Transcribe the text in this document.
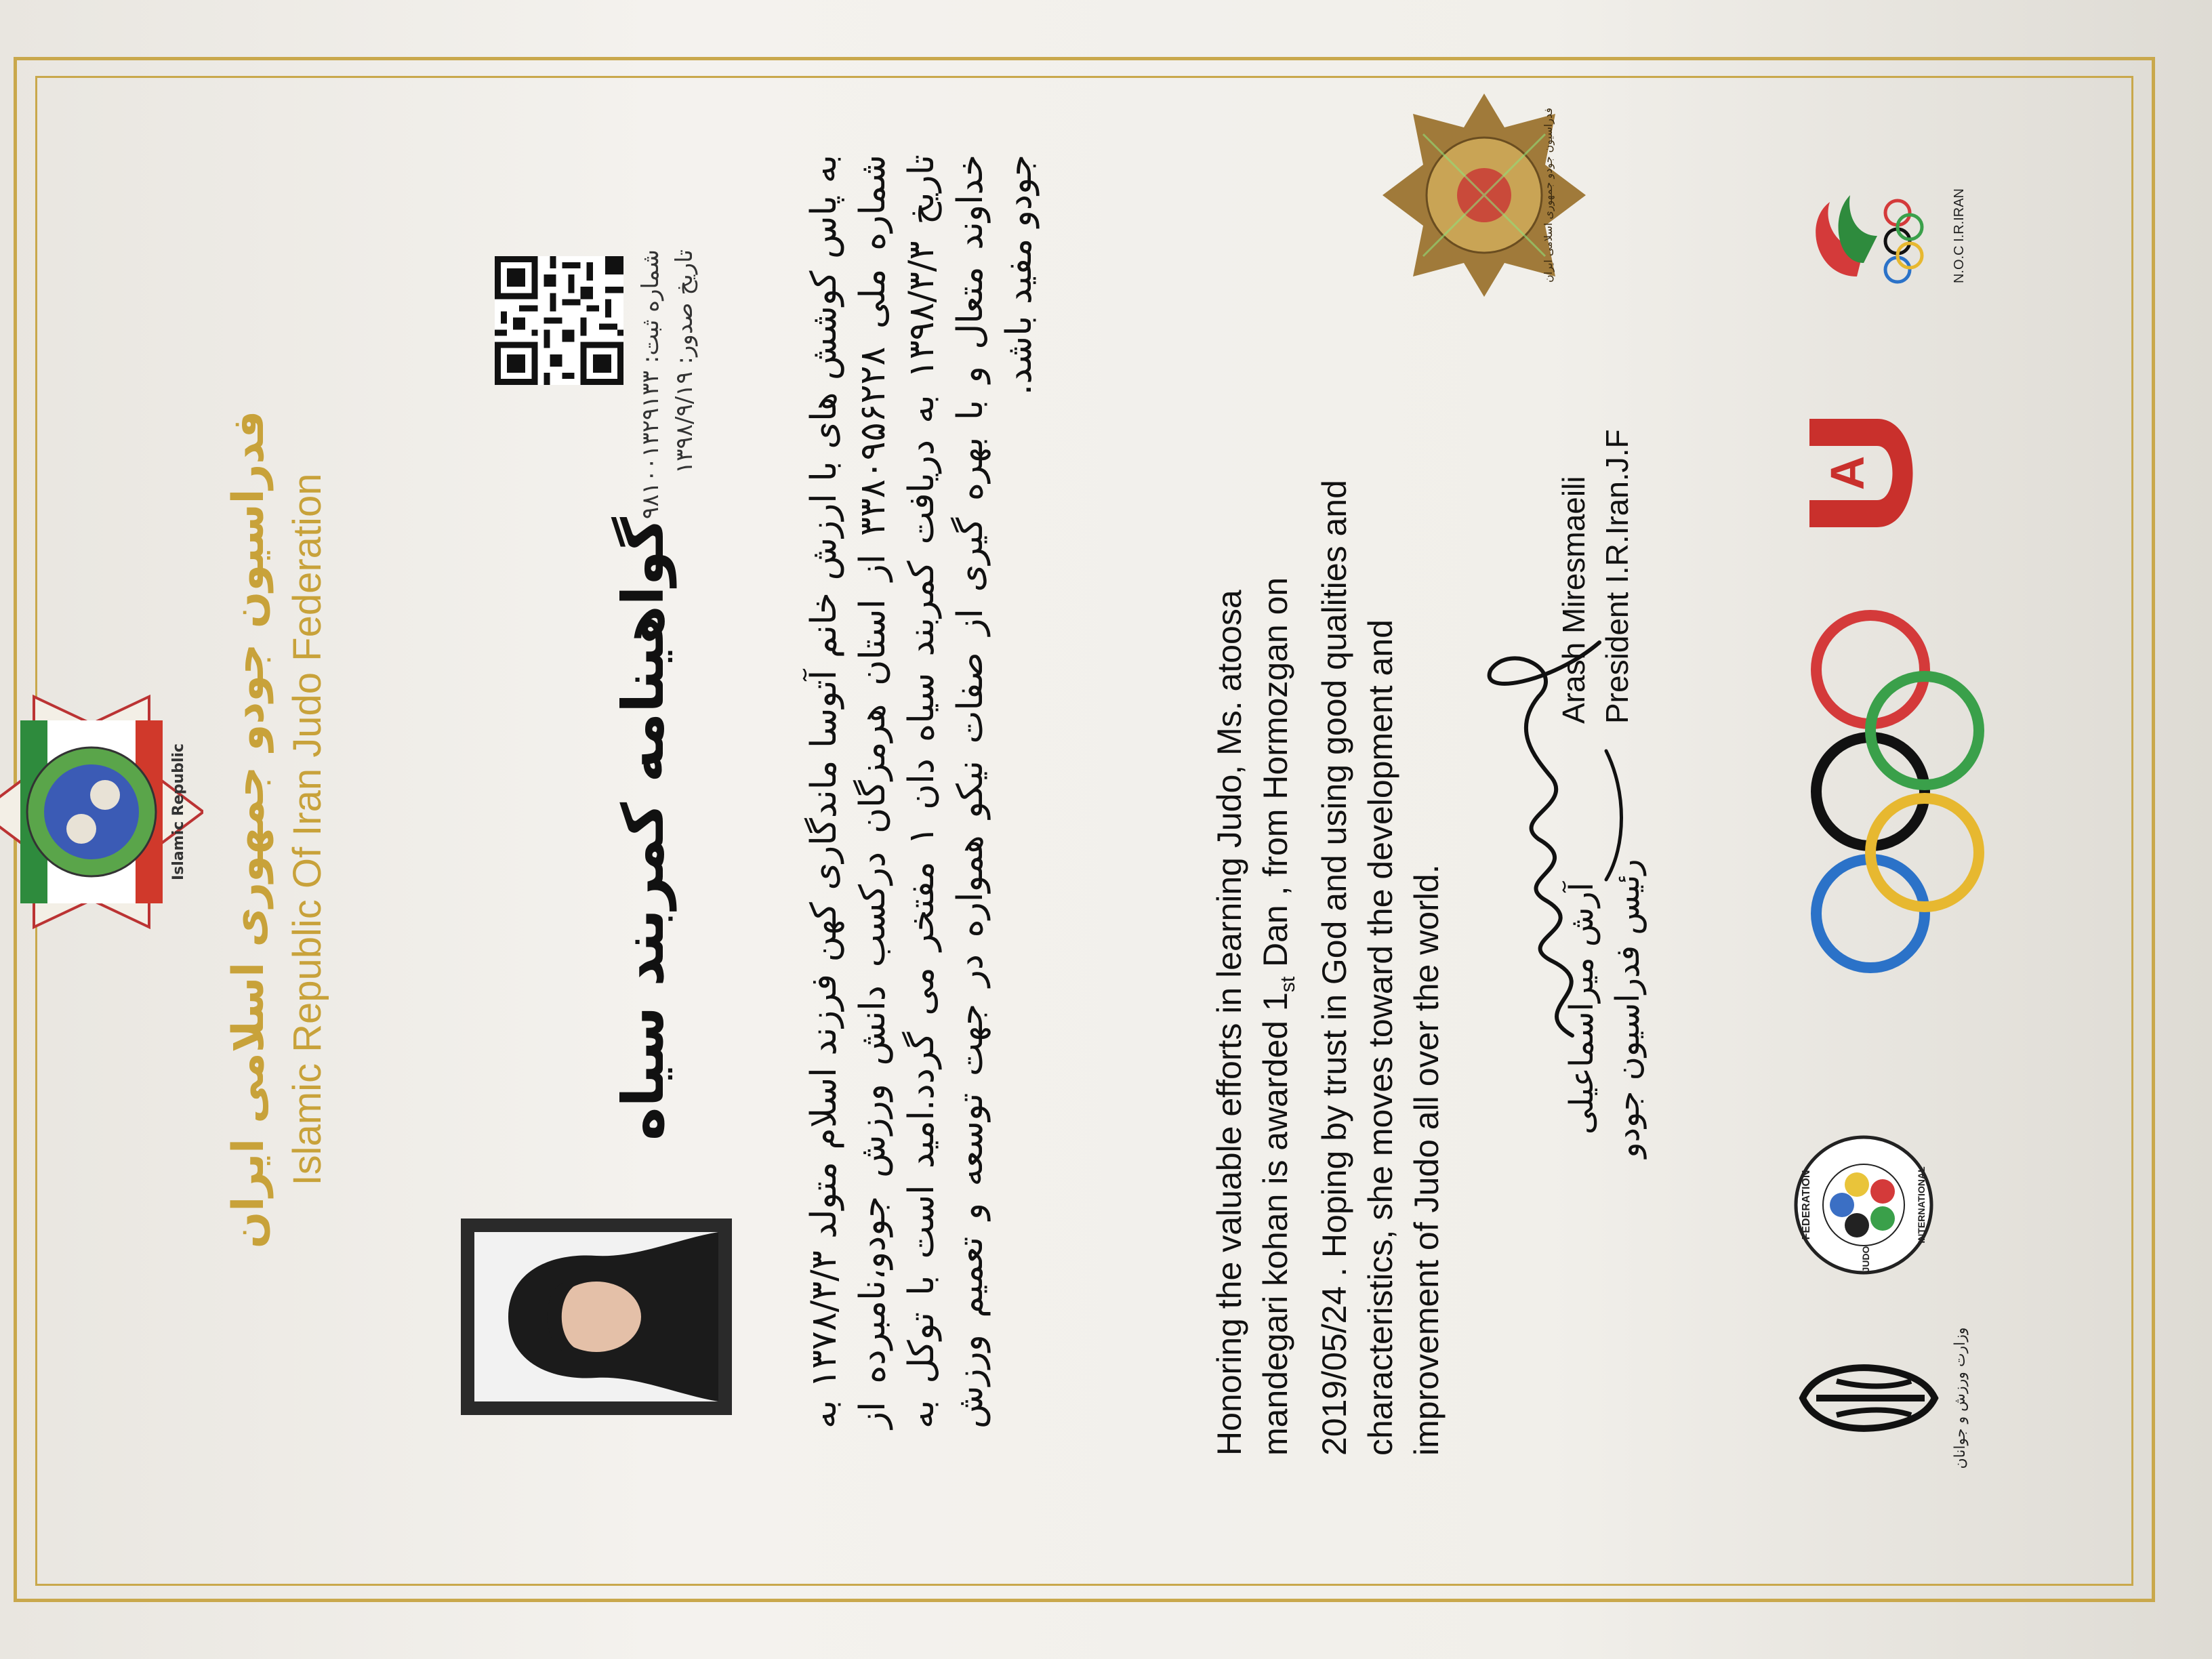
Islamic Republic فدراسیون جودو جمهوری اسلامی ایران Islamic Republic Of Iran Judo Federation
شماره ثبت: ۹۸۱۰۰۱۳۲۹۱۳۳
تاریخ صدور: ۱۳۹۸/۹/۱۹
گواهینامه کمربند سیاه
به پاس کوشش های با ارزش خانم آتوسا ماندگاری کهن فرزند اسلام متولد ۱۳۷۸/۳/۳ به شماره ملی ۳۳۸۰۹۵۶۲۲۸ از استان هرمزگان درکسب دانش ورزش جودو،نامبرده از تاریخ ۱۳۹۸/۳/۳ به دریافت کمربند سیاه دان ۱ مفتخر می گردد.امید است با توکل به خداوند متعال و با بهره گیری از صفات نیکو همواره در جهت توسعه و تعمیم ورزش جودو مفید باشد.
Honoring the valuable efforts in learning Judo, Ms. atoosa mandegari kohan is awarded $1_{st}$ Dan , from Hormozgan on 2019/05/24 . Hoping by trust in God and using good qualities and characteristics, she moves toward the development and improvement of Judo all over the world.
فدراسیون جودو جمهوری اسلامی ایران
Arash Miresmaeili President I.R.Iran.J.F
آرش میراسماعیلی رئیس فدراسیون جودو
وزارت ورزش و جوانان
FEDERATION
JUDO
INTERNATIONAL
A
N.O.C I.R.IRAN
